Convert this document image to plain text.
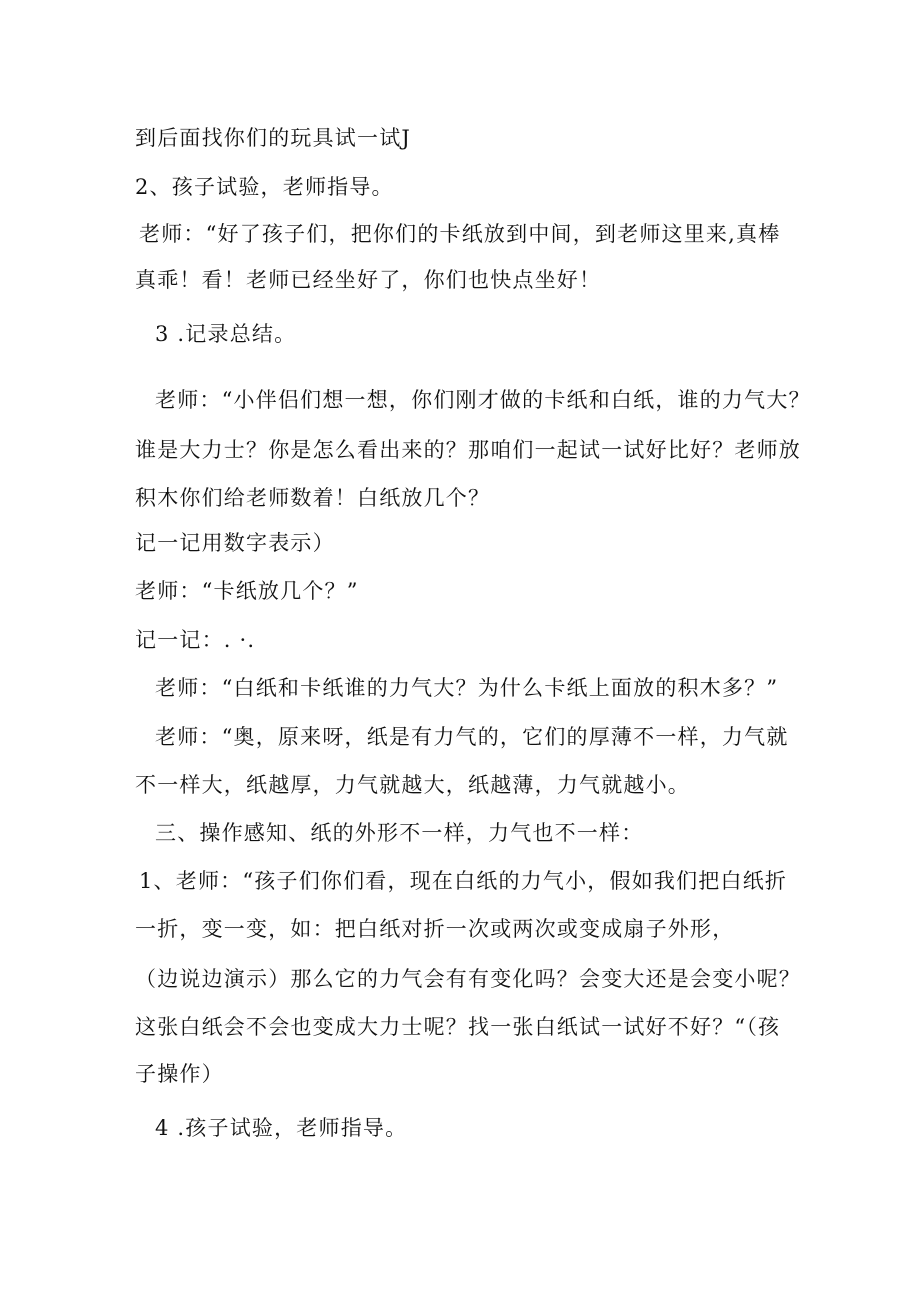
到后面找你们的玩具试一试J
2、孩子试验，老师指导。
老师：“好了孩子们，把你们的卡纸放到中间，到老师这里来,真棒
真乖！看！老师已经坐好了，你们也快点坐好！
3 .记录总结。
老师：“小伴侣们想一想，你们刚才做的卡纸和白纸，谁的力气大？
谁是大力士？你是怎么看出来的？那咱们一起试一试好比好？老师放
积木你们给老师数着！白纸放几个？
记一记用数字表示）
老师：“卡纸放几个？”
记一记：. ·.
老师：“白纸和卡纸谁的力气大？为什么卡纸上面放的积木多？”
老师：“奥，原来呀，纸是有力气的，它们的厚薄不一样，力气就
不一样大，纸越厚，力气就越大，纸越薄，力气就越小。
三、操作感知、纸的外形不一样，力气也不一样：
1、老师：“孩子们你们看，现在白纸的力气小，假如我们把白纸折
一折，变一变，如：把白纸对折一次或两次或变成扇子外形，
（边说边演示）那么它的力气会有有变化吗？会变大还是会变小呢？
这张白纸会不会也变成大力士呢？找一张白纸试一试好不好？“（孩
子操作）
4 .孩子试验，老师指导。
